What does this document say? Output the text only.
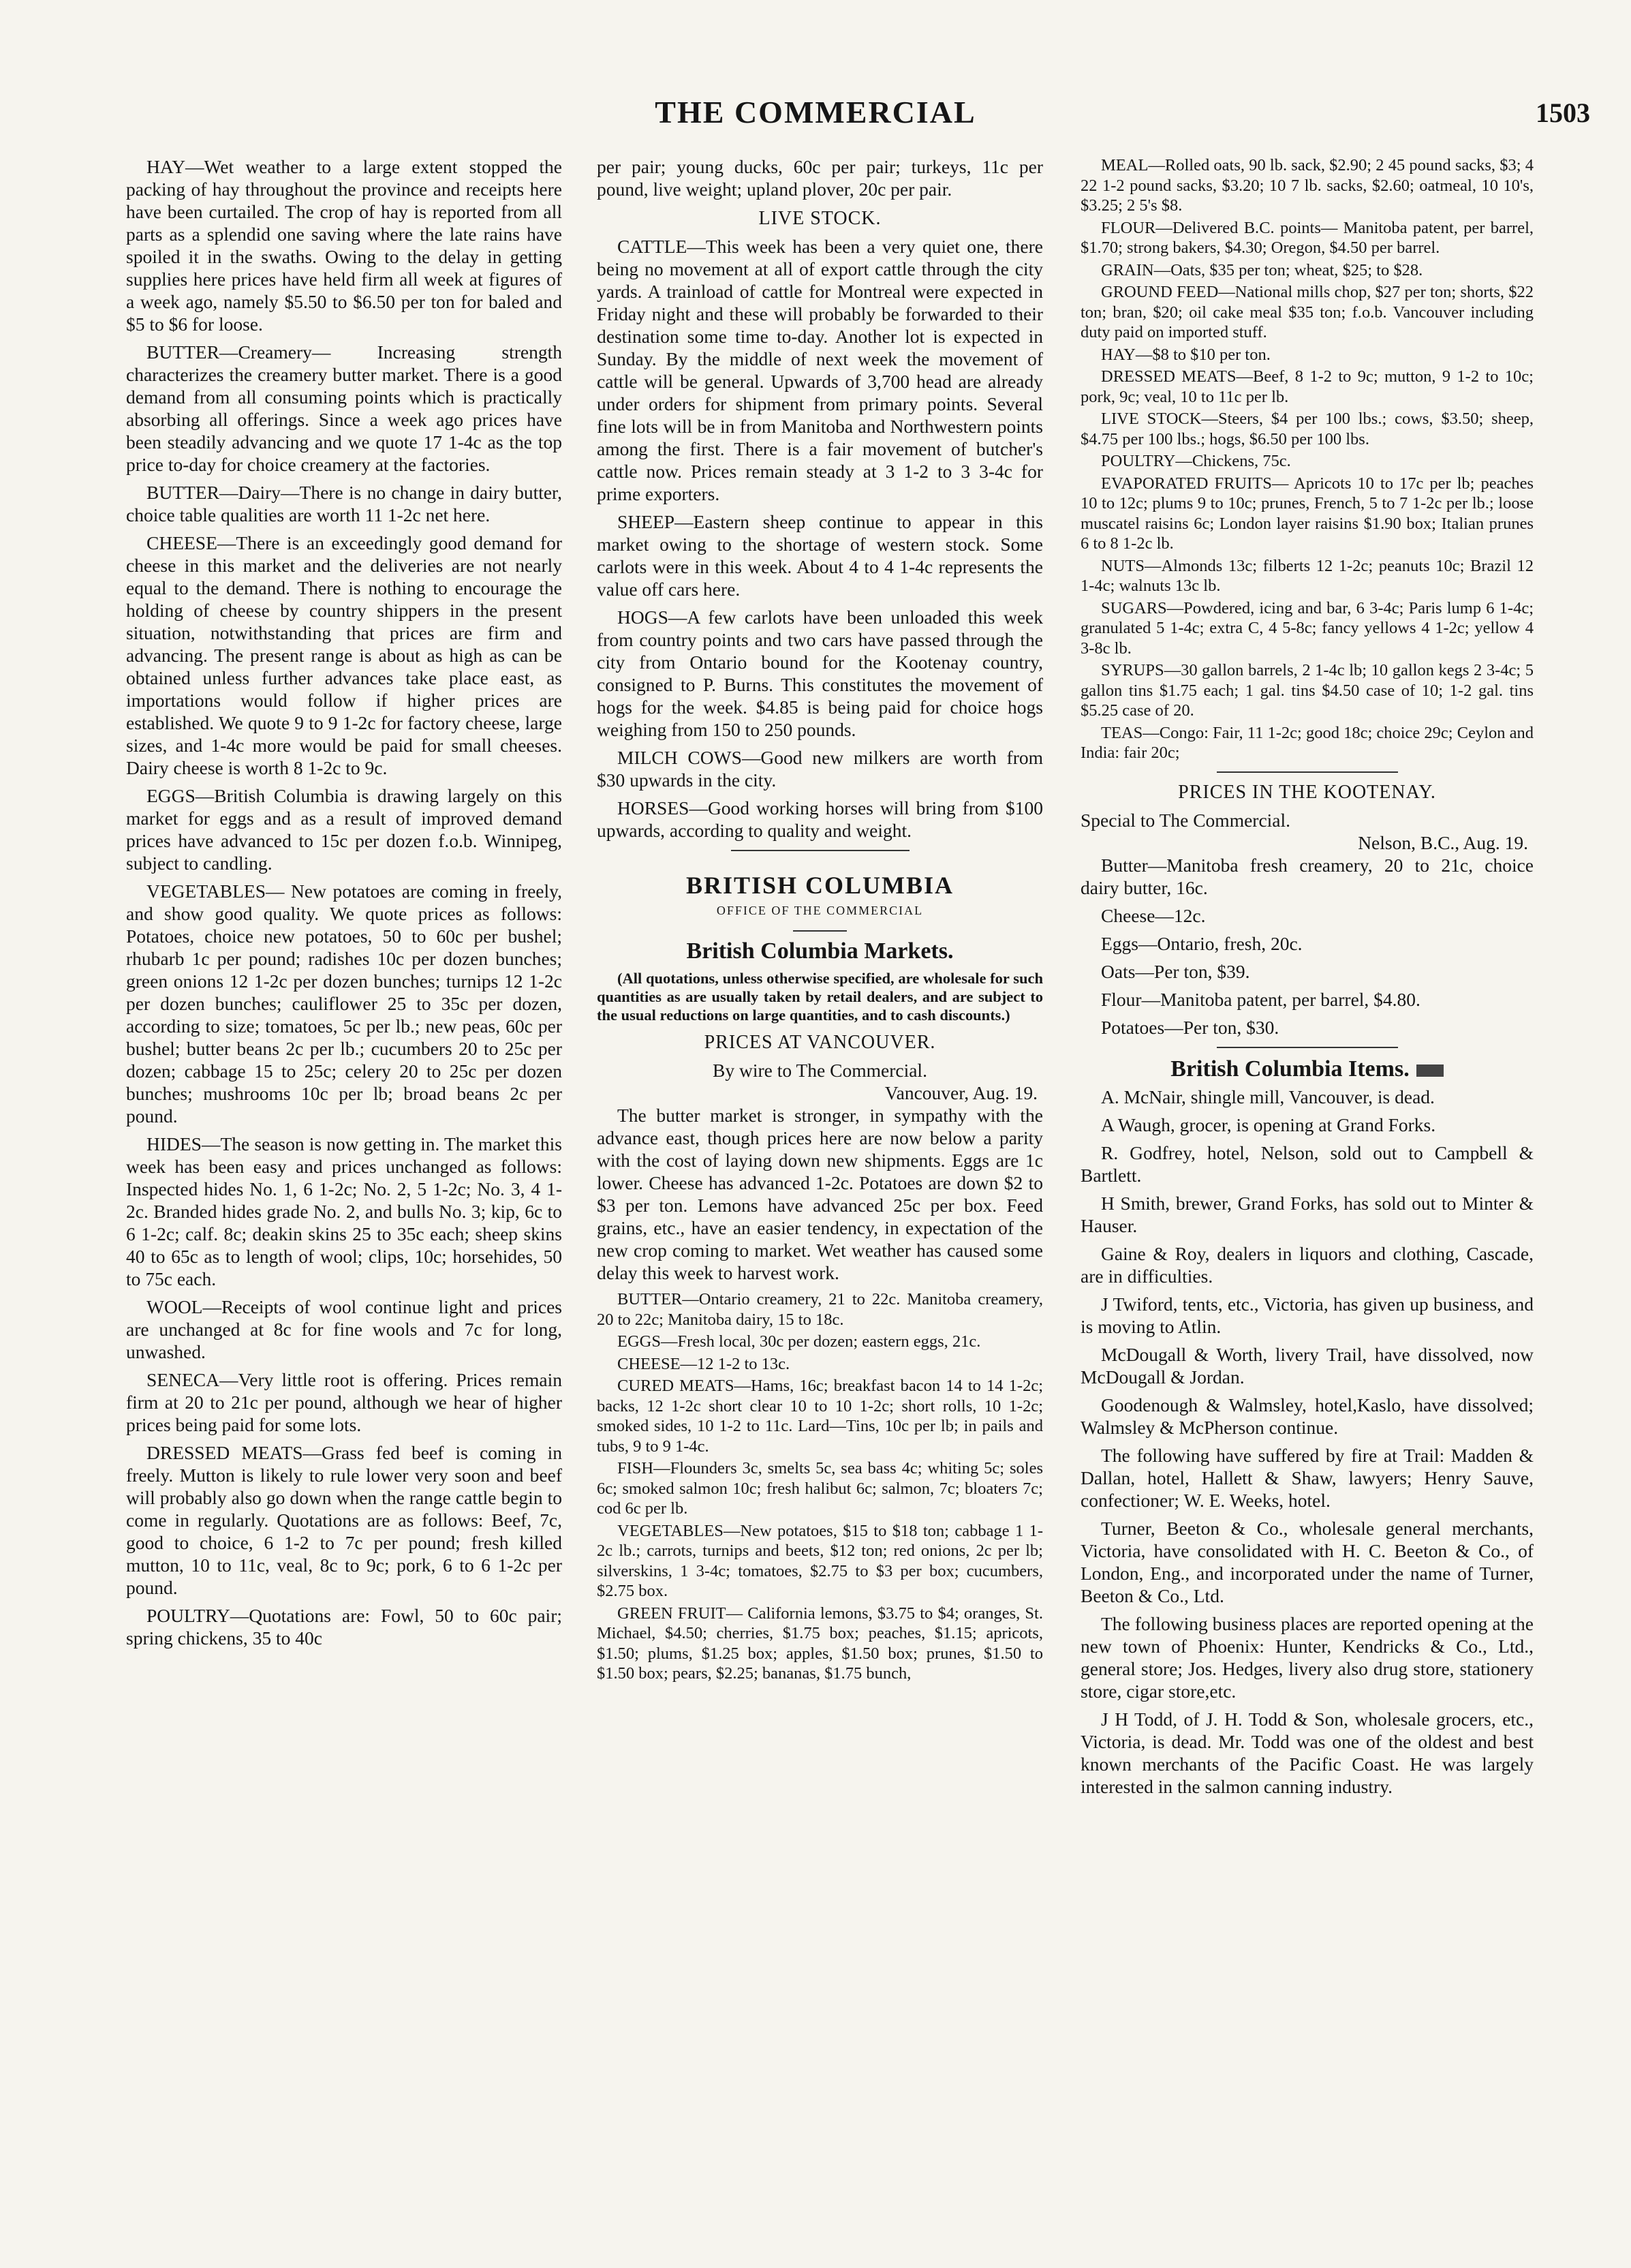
THE COMMERCIAL	1503

HAY—Wet weather to a large extent stopped the packing of hay throughout the province and receipts here have been curtailed. The crop of hay is reported from all parts as a splendid one saving where the late rains have spoiled it in the swaths. Owing to the delay in getting supplies here prices have held firm all week at figures of a week ago, namely $5.50 to $6.50 per ton for baled and $5 to $6 for loose.

BUTTER—Creamery— Increasing strength characterizes the creamery butter market. There is a good demand from all consuming points which is practically absorbing all offerings. Since a week ago prices have been steadily advancing and we quote 17 1-4c as the top price to-day for choice creamery at the factories.

BUTTER—Dairy—There is no change in dairy butter, choice table qualities are worth 11 1-2c net here.

CHEESE—There is an exceedingly good demand for cheese in this market and the deliveries are not nearly equal to the demand. There is nothing to encourage the holding of cheese by country shippers in the present situation, notwithstanding that prices are firm and advancing. The present range is about as high as can be obtained unless further advances take place east, as importations would follow if higher prices are established. We quote 9 to 9 1-2c for factory cheese, large sizes, and 1-4c more would be paid for small cheeses. Dairy cheese is worth 8 1-2c to 9c.

EGGS—British Columbia is drawing largely on this market for eggs and as a result of improved demand prices have advanced to 15c per dozen f.o.b. Winnipeg, subject to candling.

VEGETABLES— New potatoes are coming in freely, and show good quality. We quote prices as follows: Potatoes, choice new potatoes, 50 to 60c per bushel; rhubarb 1c per pound; radishes 10c per dozen bunches; green onions 12 1-2c per dozen bunches; turnips 12 1-2c per dozen bunches; cauliflower 25 to 35c per dozen, according to size; tomatoes, 5c per lb.; new peas, 60c per bushel; butter beans 2c per lb.; cucumbers 20 to 25c per dozen; cabbage 15 to 25c; celery 20 to 25c per dozen bunches; mushrooms 10c per lb; broad beans 2c per pound.

HIDES—The season is now getting in. The market this week has been easy and prices unchanged as follows: Inspected hides No. 1, 6 1-2c; No. 2, 5 1-2c; No. 3, 4 1-2c. Branded hides grade No. 2, and bulls No. 3; kip, 6c to 6 1-2c; calf. 8c; deakin skins 25 to 35c each; sheep skins 40 to 65c as to length of wool; clips, 10c; horsehides, 50 to 75c each.

WOOL—Receipts of wool continue light and prices are unchanged at 8c for fine wools and 7c for long, unwashed.

SENECA—Very little root is offering. Prices remain firm at 20 to 21c per pound, although we hear of higher prices being paid for some lots.

DRESSED MEATS—Grass fed beef is coming in freely. Mutton is likely to rule lower very soon and beef will probably also go down when the range cattle begin to come in regularly. Quotations are as follows: Beef, 7c, good to choice, 6 1-2 to 7c per pound; fresh killed mutton, 10 to 11c, veal, 8c to 9c; pork, 6 to 6 1-2c per pound.

POULTRY—Quotations are: Fowl, 50 to 60c pair; spring chickens, 35 to 40c

per pair; young ducks, 60c per pair; turkeys, 11c per pound, live weight; upland plover, 20c per pair.

LIVE STOCK.

CATTLE—This week has been a very quiet one, there being no movement at all of export cattle through the city yards. A trainload of cattle for Montreal were expected in Friday night and these will probably be forwarded to their destination some time to-day. Another lot is expected in Sunday. By the middle of next week the movement of cattle will be general. Upwards of 3,700 head are already under orders for shipment from primary points. Several fine lots will be in from Manitoba and Northwestern points among the first. There is a fair movement of butcher's cattle now. Prices remain steady at 3 1-2 to 3 3-4c for prime exporters.

SHEEP—Eastern sheep continue to appear in this market owing to the shortage of western stock. Some carlots were in this week. About 4 to 4 1-4c represents the value off cars here.

HOGS—A few carlots have been unloaded this week from country points and two cars have passed through the city from Ontario bound for the Kootenay country, consigned to P. Burns. This constitutes the movement of hogs for the week. $4.85 is being paid for choice hogs weighing from 150 to 250 pounds.

MILCH COWS—Good new milkers are worth from $30 upwards in the city.

HORSES—Good working horses will bring from $100 upwards, according to quality and weight.

BRITISH COLUMBIA
OFFICE OF THE COMMERCIAL
British Columbia Markets.

(All quotations, unless otherwise specified, are wholesale for such quantities as are usually taken by retail dealers, and are subject to the usual reductions on large quantities, and to cash discounts.)

PRICES AT VANCOUVER.
By wire to The Commercial.
Vancouver, Aug. 19.

The butter market is stronger, in sympathy with the advance east, though prices here are now below a parity with the cost of laying down new shipments. Eggs are 1c lower. Cheese has advanced 1-2c. Potatoes are down $2 to $3 per ton. Lemons have advanced 25c per box. Feed grains, etc., have an easier tendency, in expectation of the new crop coming to market. Wet weather has caused some delay this week to harvest work.

BUTTER—Ontario creamery, 21 to 22c. Manitoba creamery, 20 to 22c; Manitoba dairy, 15 to 18c.

EGGS—Fresh local, 30c per dozen; eastern eggs, 21c.

CHEESE—12 1-2 to 13c.

CURED MEATS—Hams, 16c; breakfast bacon 14 to 14 1-2c; backs, 12 1-2c short clear 10 to 10 1-2c; short rolls, 10 1-2c; smoked sides, 10 1-2 to 11c. Lard—Tins, 10c per lb; in pails and tubs, 9 to 9 1-4c.

FISH—Flounders 3c, smelts 5c, sea bass 4c; whiting 5c; soles 6c; smoked salmon 10c; fresh halibut 6c; salmon, 7c; bloaters 7c; cod 6c per lb.

VEGETABLES—New potatoes, $15 to $18 ton; cabbage 1 1-2c lb.; carrots, turnips and beets, $12 ton; red onions, 2c per lb; silverskins, 1 3-4c; tomatoes, $2.75 to $3 per box; cucumbers, $2.75 box.

GREEN FRUIT— California lemons, $3.75 to $4; oranges, St. Michael, $4.50; cherries, $1.75 box; peaches, $1.15; apricots, $1.50; plums, $1.25 box; apples, $1.50 box; prunes, $1.50 to $1.50 box; pears, $2.25; bananas, $1.75 bunch,

MEAL—Rolled oats, 90 lb. sack, $2.90; 2 45 pound sacks, $3; 4 22 1-2 pound sacks, $3.20; 10 7 lb. sacks, $2.60; oatmeal, 10 10's, $3.25; 2 5's $8.

FLOUR—Delivered B.C. points— Manitoba patent, per barrel, $1.70; strong bakers, $4.30; Oregon, $4.50 per barrel.

GRAIN—Oats, $35 per ton; wheat, $25; to $28.

GROUND FEED—National mills chop, $27 per ton; shorts, $22 ton; bran, $20; oil cake meal $35 ton; f.o.b. Vancouver including duty paid on imported stuff.

HAY—$8 to $10 per ton.

DRESSED MEATS—Beef, 8 1-2 to 9c; mutton, 9 1-2 to 10c; pork, 9c; veal, 10 to 11c per lb.

LIVE STOCK—Steers, $4 per 100 lbs.; cows, $3.50; sheep, $4.75 per 100 lbs.; hogs, $6.50 per 100 lbs.

POULTRY—Chickens, 75c.

EVAPORATED FRUITS— Apricots 10 to 17c per lb; peaches 10 to 12c; plums 9 to 10c; prunes, French, 5 to 7 1-2c per lb.; loose muscatel raisins 6c; London layer raisins $1.90 box; Italian prunes 6 to 8 1-2c lb.

NUTS—Almonds 13c; filberts 12 1-2c; peanuts 10c; Brazil 12 1-4c; walnuts 13c lb.

SUGARS—Powdered, icing and bar, 6 3-4c; Paris lump 6 1-4c; granulated 5 1-4c; extra C, 4 5-8c; fancy yellows 4 1-2c; yellow 4 3-8c lb.

SYRUPS—30 gallon barrels, 2 1-4c lb; 10 gallon kegs 2 3-4c; 5 gallon tins $1.75 each; 1 gal. tins $4.50 case of 10; 1-2 gal. tins $5.25 case of 20.

TEAS—Congo: Fair, 11 1-2c; good 18c; choice 29c; Ceylon and India: fair 20c;

PRICES IN THE KOOTENAY.
Special to The Commercial.
Nelson, B.C., Aug. 19.

Butter—Manitoba fresh creamery, 20 to 21c, choice dairy butter, 16c.

Cheese—12c.

Eggs—Ontario, fresh, 20c.

Oats—Per ton, $39.

Flour—Manitoba patent, per barrel, $4.80.

Potatoes—Per ton, $30.

British Columbia Items.

A. McNair, shingle mill, Vancouver, is dead.

A Waugh, grocer, is opening at Grand Forks.

R. Godfrey, hotel, Nelson, sold out to Campbell & Bartlett.

H Smith, brewer, Grand Forks, has sold out to Minter & Hauser.

Gaine & Roy, dealers in liquors and clothing, Cascade, are in difficulties.

J Twiford, tents, etc., Victoria, has given up business, and is moving to Atlin.

McDougall & Worth, livery Trail, have dissolved, now McDougall & Jordan.

Goodenough & Walmsley, hotel,Kaslo, have dissolved; Walmsley & McPherson continue.

The following have suffered by fire at Trail: Madden & Dallan, hotel, Hallett & Shaw, lawyers; Henry Sauve, confectioner; W. E. Weeks, hotel.

Turner, Beeton & Co., wholesale general merchants, Victoria, have consolidated with H. C. Beeton & Co., of London, Eng., and incorporated under the name of Turner, Beeton & Co., Ltd.

The following business places are reported opening at the new town of Phoenix: Hunter, Kendricks & Co., Ltd., general store; Jos. Hedges, livery also drug store, stationery store, cigar store,etc.

J H Todd, of J. H. Todd & Son, wholesale grocers, etc., Victoria, is dead. Mr. Todd was one of the oldest and best known merchants of the Pacific Coast. He was largely interested in the salmon canning industry.
